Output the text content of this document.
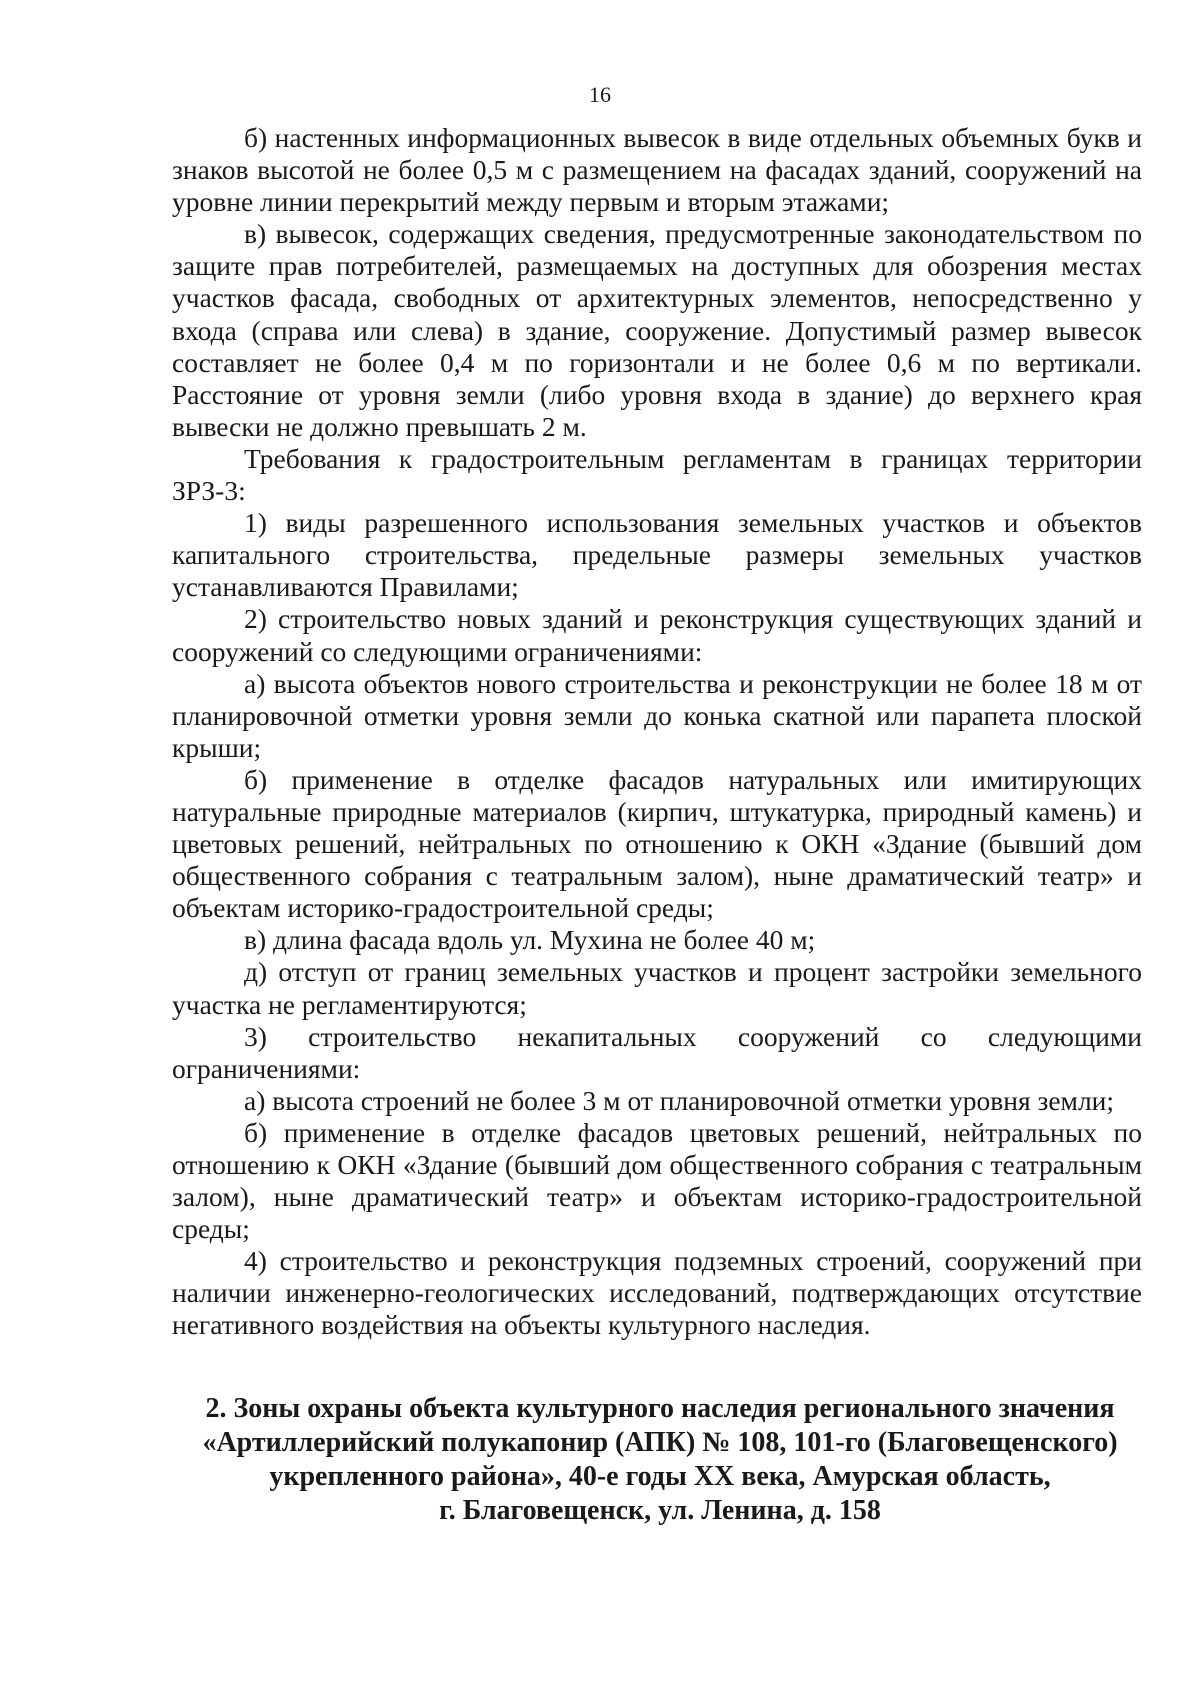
16

б) настенных информационных вывесок в виде отдельных объемных букв и знаков высотой не более 0,5 м с размещением на фасадах зданий, сооружений на уровне линии перекрытий между первым и вторым этажами;

в) вывесок, содержащих сведения, предусмотренные законодательством по защите прав потребителей, размещаемых на доступных для обозрения местах участков фасада, свободных от архитектурных элементов, непосредственно у входа (справа или слева) в здание, сооружение. Допустимый размер вывесок составляет не более 0,4 м по горизонтали и не более 0,6 м по вертикали. Расстояние от уровня земли (либо уровня входа в здание) до верхнего края вывески не должно превышать 2 м.

Требования к градостроительным регламентам в границах территории ЗРЗ-3:

1) виды разрешенного использования земельных участков и объектов капитального строительства, предельные размеры земельных участков устанавливаются Правилами;

2) строительство новых зданий и реконструкция существующих зданий и сооружений со следующими ограничениями:

а) высота объектов нового строительства и реконструкции не более 18 м от планировочной отметки уровня земли до конька скатной или парапета плоской крыши;

б) применение в отделке фасадов натуральных или имитирующих натуральные природные материалов (кирпич, штукатурка, природный камень) и цветовых решений, нейтральных по отношению к ОКН «Здание (бывший дом общественного собрания с театральным залом), ныне драматический театр» и объектам историко-градостроительной среды;

в) длина фасада вдоль ул. Мухина не более 40 м;

д) отступ от границ земельных участков и процент застройки земельного участка не регламентируются;

3) строительство некапитальных сооружений со следующими ограничениями:

а) высота строений не более 3 м от планировочной отметки уровня земли;

б) применение в отделке фасадов цветовых решений, нейтральных по отношению к ОКН «Здание (бывший дом общественного собрания с театральным залом), ныне драматический театр» и объектам историко-градостроительной среды;

4) строительство и реконструкция подземных строений, сооружений при наличии инженерно-геологических исследований, подтверждающих отсутствие негативного воздействия на объекты культурного наследия.

2. Зоны охраны объекта культурного наследия регионального значения
«Артиллерийский полукапонир (АПК) № 108, 101-го (Благовещенского)
укрепленного района», 40-е годы XX века, Амурская область,
г. Благовещенск, ул. Ленина, д. 158
